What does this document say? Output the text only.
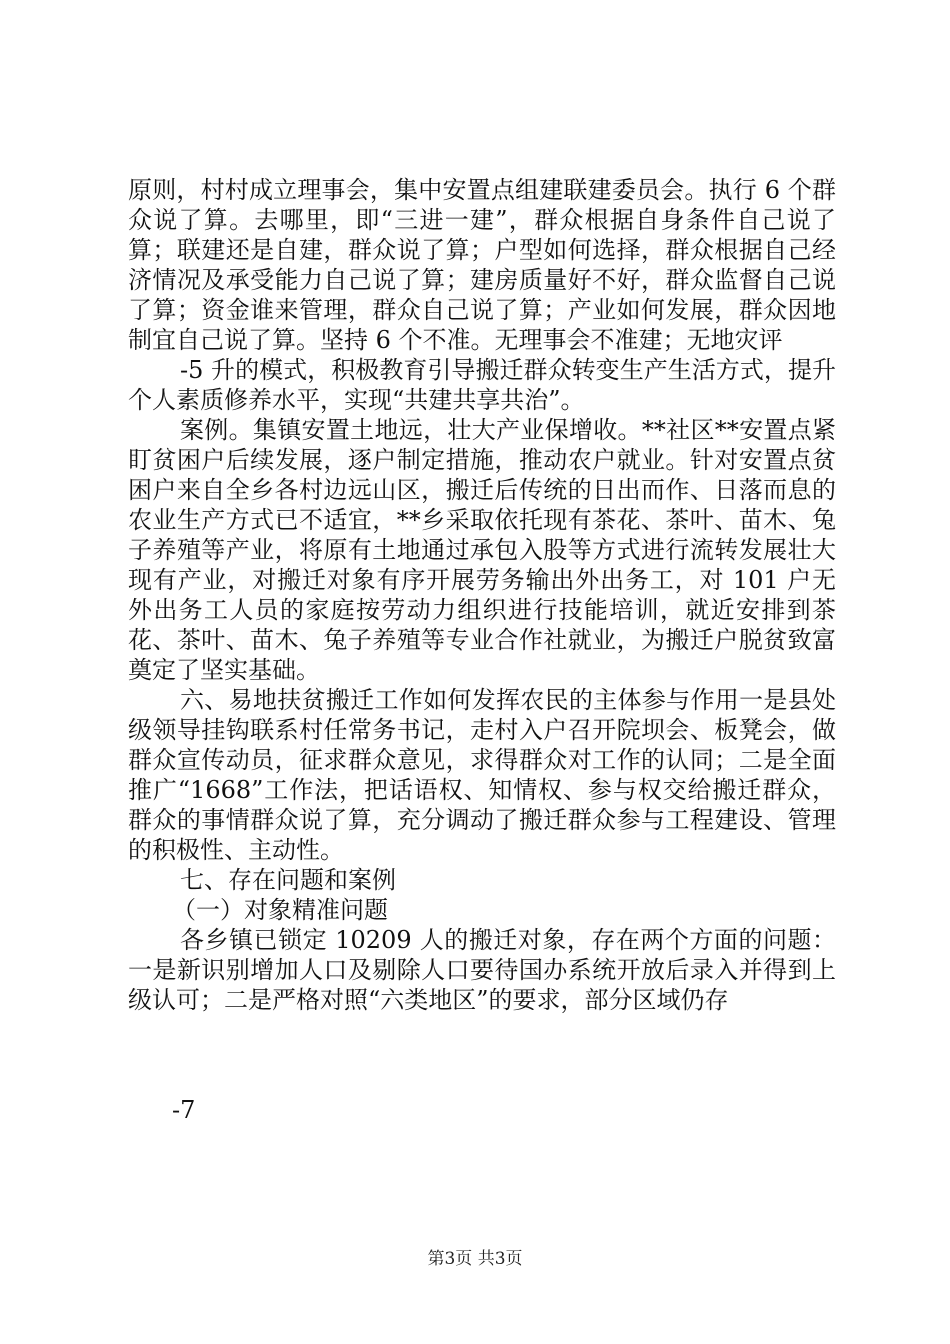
原则，村村成立理事会，集中安置点组建联建委员会。执行 6 个群众说了算。去哪里，即“三进一建”，群众根据自身条件自己说了算；联建还是自建，群众说了算；户型如何选择，群众根据自己经济情况及承受能力自己说了算；建房质量好不好，群众监督自己说了算；资金谁来管理，群众自己说了算；产业如何发展，群众因地制宜自己说了算。坚持 6 个不准。无理事会不准建；无地灾评

-5 升的模式，积极教育引导搬迁群众转变生产生活方式，提升个人素质修养水平，实现“共建共享共治”。

案例。集镇安置土地远，壮大产业保增收。**社区**安置点紧盯贫困户后续发展，逐户制定措施，推动农户就业。针对安置点贫困户来自全乡各村边远山区，搬迁后传统的日出而作、日落而息的农业生产方式已不适宜，**乡采取依托现有茶花、茶叶、苗木、兔子养殖等产业，将原有土地通过承包入股等方式进行流转发展壮大现有产业，对搬迁对象有序开展劳务输出外出务工，对 101 户无外出务工人员的家庭按劳动力组织进行技能培训，就近安排到茶花、茶叶、苗木、兔子养殖等专业合作社就业，为搬迁户脱贫致富奠定了坚实基础。

六、易地扶贫搬迁工作如何发挥农民的主体参与作用一是县处级领导挂钩联系村任常务书记，走村入户召开院坝会、板凳会，做群众宣传动员，征求群众意见，求得群众对工作的认同；二是全面推广“1668”工作法，把话语权、知情权、参与权交给搬迁群众，群众的事情群众说了算，充分调动了搬迁群众参与工程建设、管理的积极性、主动性。

七、存在问题和案例

（一）对象精准问题

各乡镇已锁定 10209 人的搬迁对象，存在两个方面的问题：一是新识别增加人口及剔除人口要待国办系统开放后录入并得到上级认可；二是严格对照“六类地区”的要求，部分区域仍存

-7
第3页 共3页
